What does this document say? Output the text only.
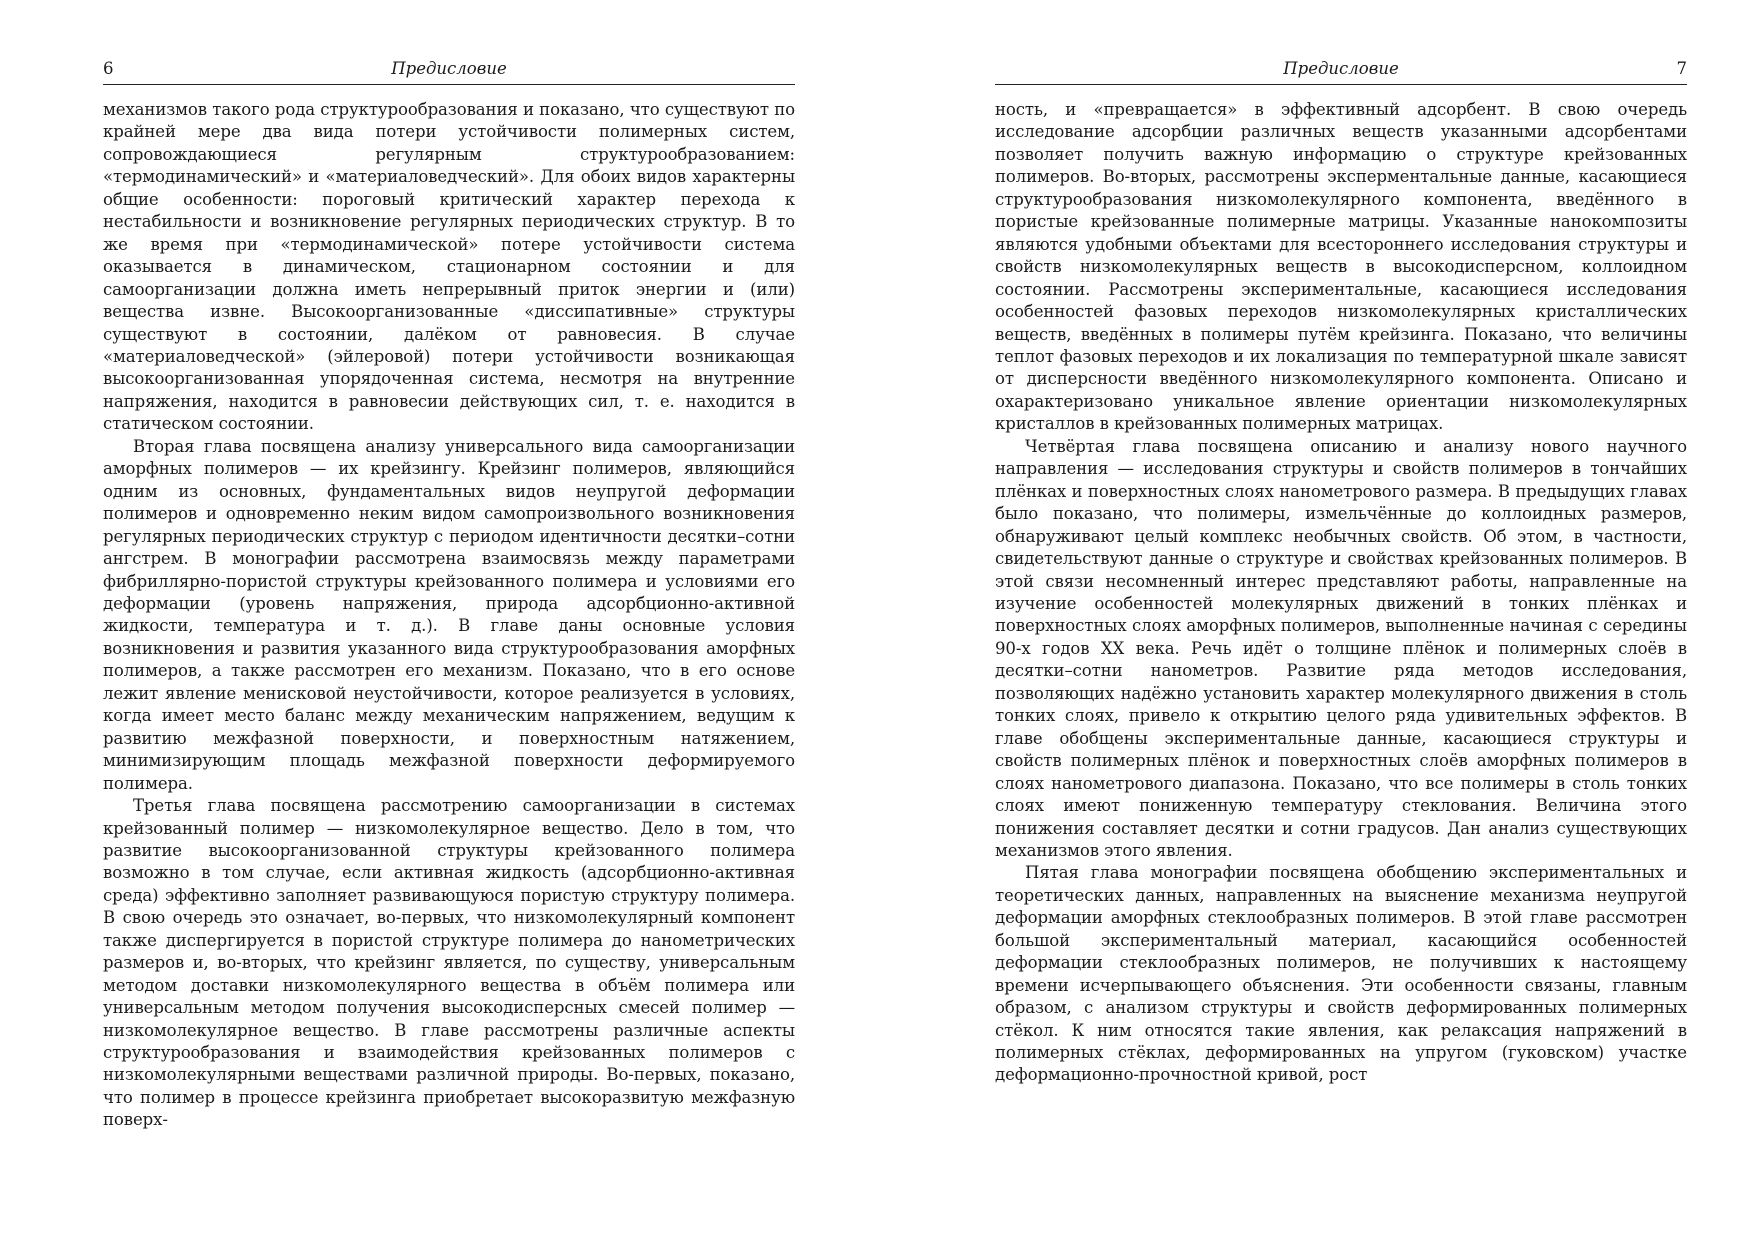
6	Предисловие

механизмов такого рода структурообразования и показано, что существуют по крайней мере два вида потери устойчивости полимерных систем, сопровождающиеся регулярным структурообразованием: «термодинамический» и «материаловедческий». Для обоих видов характерны общие особенности: пороговый критический характер перехода к нестабильности и возникновение регулярных периодических структур. В то же время при «термодинамической» потере устойчивости система оказывается в динамическом, стационарном состоянии и для самоорганизации должна иметь непрерывный приток энергии и (или) вещества извне. Высокоорганизованные «диссипативные» структуры существуют в состоянии, далёком от равновесия. В случае «материаловедческой» (эйлеровой) потери устойчивости возникающая высокоорганизованная упорядоченная система, несмотря на внутренние напряжения, находится в равновесии действующих сил, т. е. находится в статическом состоянии.

Вторая глава посвящена анализу универсального вида самоорганизации аморфных полимеров — их крейзингу. Крейзинг полимеров, являющийся одним из основных, фундаментальных видов неупругой деформации полимеров и одновременно неким видом самопроизвольного возникновения регулярных периодических структур с периодом идентичности десятки–сотни ангстрем. В монографии рассмотрена взаимосвязь между параметрами фибриллярно-пористой структуры крейзованного полимера и условиями его деформации (уровень напряжения, природа адсорбционно-активной жидкости, температура и т. д.). В главе даны основные условия возникновения и развития указанного вида структурообразования аморфных полимеров, а также рассмотрен его механизм. Показано, что в его основе лежит явление мениcковой неустойчивости, которое реализуется в условиях, когда имеет место баланс между механическим напряжением, ведущим к развитию межфазной поверхности, и поверхностным натяжением, минимизирующим площадь межфазной поверхности деформируемого полимера.

Третья глава посвящена рассмотрению самоорганизации в системах крейзованный полимер — низкомолекулярное вещество. Дело в том, что развитие высокоорганизованной структуры крейзованного полимера возможно в том случае, если активная жидкость (адсорбционно-активная среда) эффективно заполняет развивающуюся пористую структуру полимера. В свою очередь это означает, во-первых, что низкомолекулярный компонент также диспергируется в пористой структуре полимера до нанометрических размеров и, во-вторых, что крейзинг является, по существу, универсальным методом доставки низкомолекулярного вещества в объём полимера или универсальным методом получения высокодисперсных смесей полимер — низкомолекулярное вещество. В главе рассмотрены различные аспекты структурообразования и взаимодействия крейзованных полимеров с низкомолекулярными веществами различной природы. Во-первых, показано, что полимер в процессе крейзинга приобретает высокоразвитую межфазную поверх-

Предисловие	7

ность, и «превращается» в эффективный адсорбент. В свою очередь исследование адсорбции различных веществ указанными адсорбентами позволяет получить важную информацию о структуре крейзованных полимеров. Во-вторых, рассмотрены эксперментальные данные, касающиеся структурообразования низкомолекулярного компонента, введённого в пористые крейзованные полимерные матрицы. Указанные нанокомпозиты являются удобными объектами для всестороннего исследования структуры и свойств низкомолекулярных веществ в высокодисперсном, коллоидном состоянии. Рассмотрены экспериментальные, касающиеся исследования особенностей фазовых переходов низкомолекулярных кристаллических веществ, введённых в полимеры путём крейзинга. Показано, что величины теплот фазовых переходов и их локализация по температурной шкале зависят от дисперсности введённого низкомолекулярного компонента. Описано и охарактеризовано уникальное явление ориентации низкомолекулярных кристаллов в крейзованных полимерных матрицах.

Четвёртая глава посвящена описанию и анализу нового научного направления — исследования структуры и свойств полимеров в тончайших плёнках и поверхностных слоях нанометрового размера. В предыдущих главах было показано, что полимеры, измельчённые до коллоидных размеров, обнаруживают целый комплекс необычных свойств. Об этом, в частности, свидетельствуют данные о структуре и свойствах крейзованных полимеров. В этой связи несомненный интерес представляют работы, направленные на изучение особенностей молекулярных движений в тонких плёнках и поверхностных слоях аморфных полимеров, выполненные начиная с середины 90-х годов XX века. Речь идёт о толщине плёнок и полимерных слоёв в десятки–сотни нанометров. Развитие ряда методов исследования, позволяющих надёжно установить характер молекулярного движения в столь тонких слоях, привело к открытию целого ряда удивительных эффектов. В главе обобщены экспериментальные данные, касающиеся структуры и свойств полимерных плёнок и поверхностных слоёв аморфных полимеров в слоях нанометрового диапазона. Показано, что все полимеры в столь тонких слоях имеют пониженную температуру стеклования. Величина этого понижения составляет десятки и сотни градусов. Дан анализ существующих механизмов этого явления.

Пятая глава монографии посвящена обобщению экспериментальных и теоретических данных, направленных на выяснение механизма неупругой деформации аморфных стеклообразных полимеров. В этой главе рассмотрен большой экспериментальный материал, касающийся особенностей деформации стеклообразных полимеров, не получивших к настоящему времени исчерпывающего объяснения. Эти особенности связаны, главным образом, с анализом структуры и свойств деформированных полимерных стёкол. К ним относятся такие явления, как релаксация напряжений в полимерных стёклах, деформированных на упругом (гуковском) участке деформационно-прочностной кривой, рост
